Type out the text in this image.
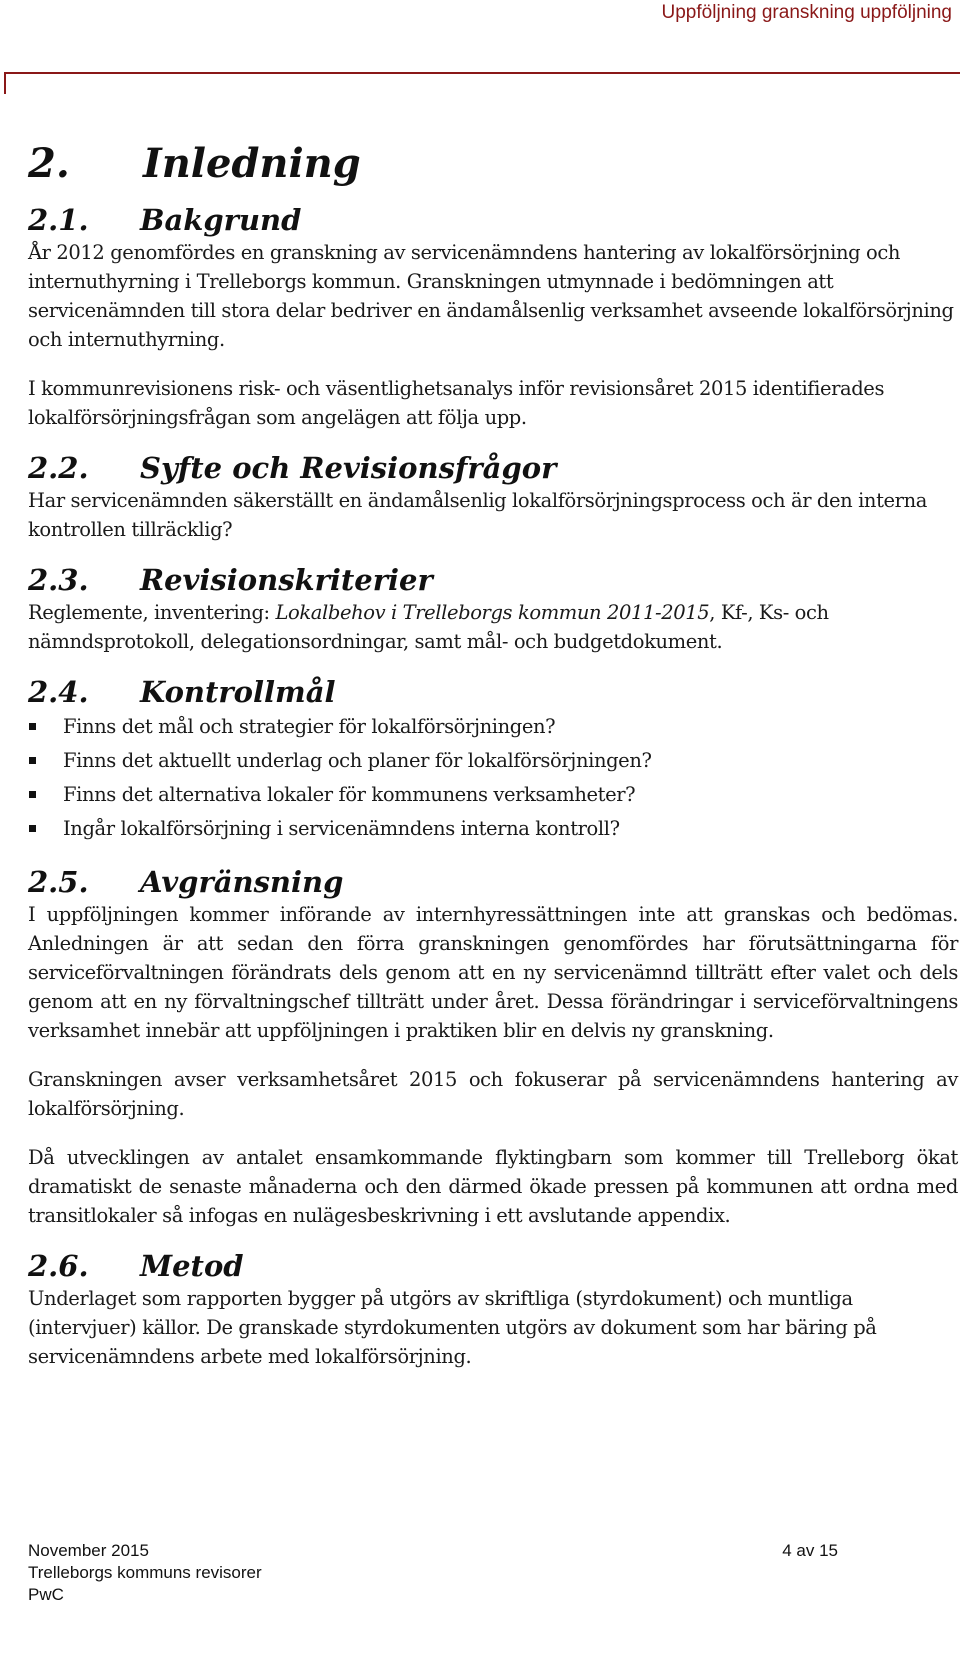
Uppföljning granskning uppföljning
2. Inledning
2.1. Bakgrund

År 2012 genomfördes en granskning av servicenämndens hantering av lokalförsörjning och internuthyrning i Trelleborgs kommun. Granskningen utmynnade i bedömningen att servicenämnden till stora delar bedriver en ändamålsenlig verksamhet avseende lokalförsörjning och internuthyrning.

I kommunrevisionens risk- och väsentlighetsanalys inför revisionsåret 2015 identifierades lokalförsörjningsfrågan som angelägen att följa upp.

2.2. Syfte och Revisionsfrågor

Har servicenämnden säkerställt en ändamålsenlig lokalförsörjningsprocess och är den interna kontrollen tillräcklig?

2.3. Revisionskriterier

Reglemente, inventering: Lokalbehov i Trelleborgs kommun 2011-2015, Kf-, Ks- och nämndsprotokoll, delegationsordningar, samt mål- och budgetdokument.

2.4. Kontrollmål
Finns det mål och strategier för lokalförsörjningen?
Finns det aktuellt underlag och planer för lokalförsörjningen?
Finns det alternativa lokaler för kommunens verksamheter?
Ingår lokalförsörjning i servicenämndens interna kontroll?
2.5. Avgränsning

I uppföljningen kommer införande av internhyressättningen inte att granskas och bedömas. Anledningen är att sedan den förra granskningen genomfördes har förutsättningarna för serviceförvaltningen förändrats dels genom att en ny servicenämnd tillträtt efter valet och dels genom att en ny förvaltningschef tillträtt under året. Dessa förändringar i serviceförvaltningens verksamhet innebär att uppföljningen i praktiken blir en delvis ny granskning.

Granskningen avser verksamhetsåret 2015 och fokuserar på servicenämndens hantering av lokalförsörjning.

Då utvecklingen av antalet ensamkommande flyktingbarn som kommer till Trelleborg ökat dramatiskt de senaste månaderna och den därmed ökade pressen på kommunen att ordna med transitlokaler så infogas en nulägesbeskrivning i ett avslutande appendix.

2.6. Metod

Underlaget som rapporten bygger på utgörs av skriftliga (styrdokument) och muntliga (intervjuer) källor. De granskade styrdokumenten utgörs av dokument som har bäring på servicenämndens arbete med lokalförsörjning.

November 2015
Trelleborgs kommuns revisorer
PwC
4 av 15
